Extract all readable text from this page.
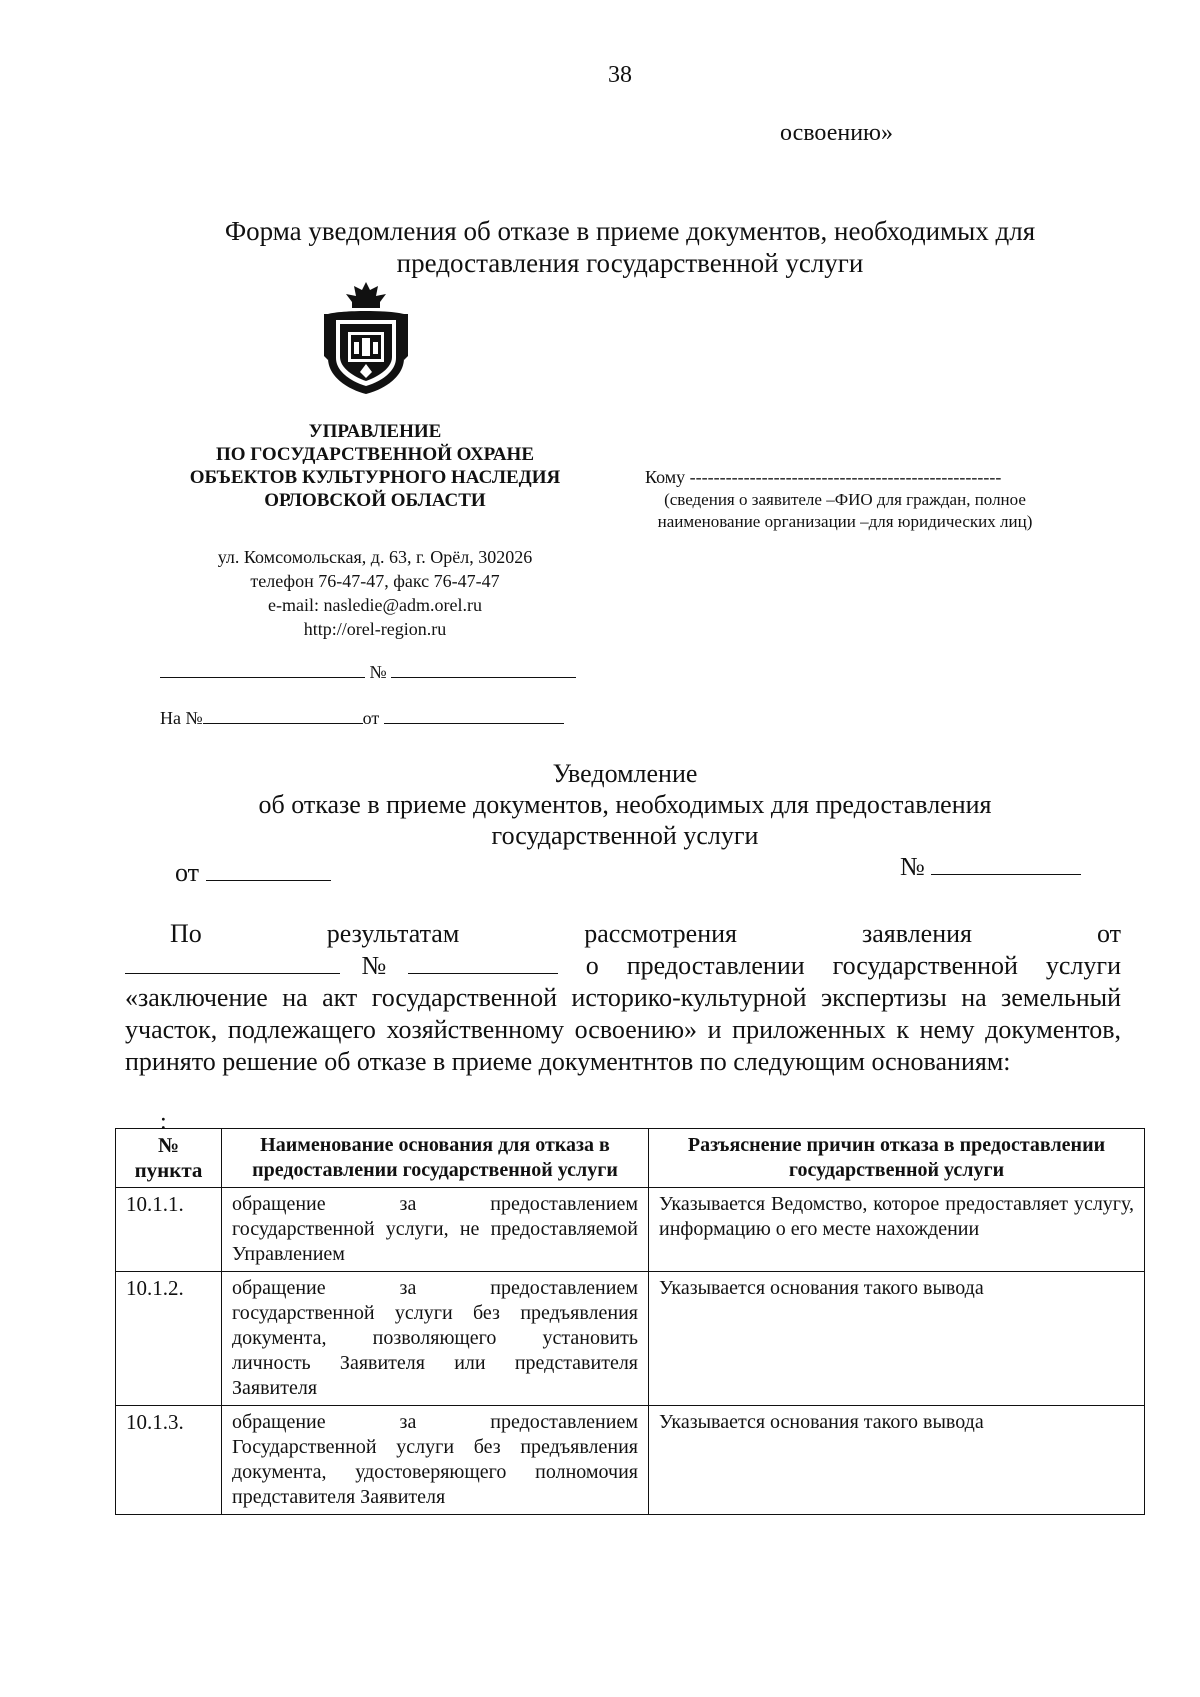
38
освоению»
Форма уведомления об отказе в приеме документов, необходимых для
предоставления государственной услуги
УПРАВЛЕНИЕ
ПО ГОСУДАРСТВЕННОЙ ОХРАНЕ
ОБЪЕКТОВ КУЛЬТУРНОГО НАСЛЕДИЯ
ОРЛОВСКОЙ ОБЛАСТИ
ул. Комсомольская, д. 63, г. Орёл, 302026
телефон 76-47-47, факс 76-47-47
e-mail: nasledie@adm.orel.ru
http://orel-region.ru
Кому ----------------------------------------------------
(сведения о заявителе –ФИО для граждан, полное
наименование организации –для юридических лиц)
№
На №	от
Уведомление
об отказе в приеме документов, необходимых для предоставления
государственной услуги
от	№
По	результатам	рассмотрения	заявления	от
№	о предоставлении государственной услуги «заключение на акт государственной историко-культурной экспертизы на земельный участок, подлежащего хозяйственному освоению» и приложенных к нему документов, принято решение об отказе в приеме документнтов по следующим основаниям:
:
№
пункта	Наименование основания для отказа в предоставлении государственной услуги	Разъяснение причин отказа в предоставлении государственной услуги
10.1.1.	обращение за предоставлением государственной услуги, не предоставляемой Управлением	Указывается Ведомство, которое предоставляет услугу, информацию о его месте нахождении
10.1.2.	обращение за предоставлением государственной услуги без предъявления документа, позволяющего установить личность Заявителя или представителя Заявителя	Указывается основания такого вывода
10.1.3.	обращение за предоставлением Государственной услуги без предъявления документа, удостоверяющего полномочия представителя Заявителя	Указывается основания такого вывода
